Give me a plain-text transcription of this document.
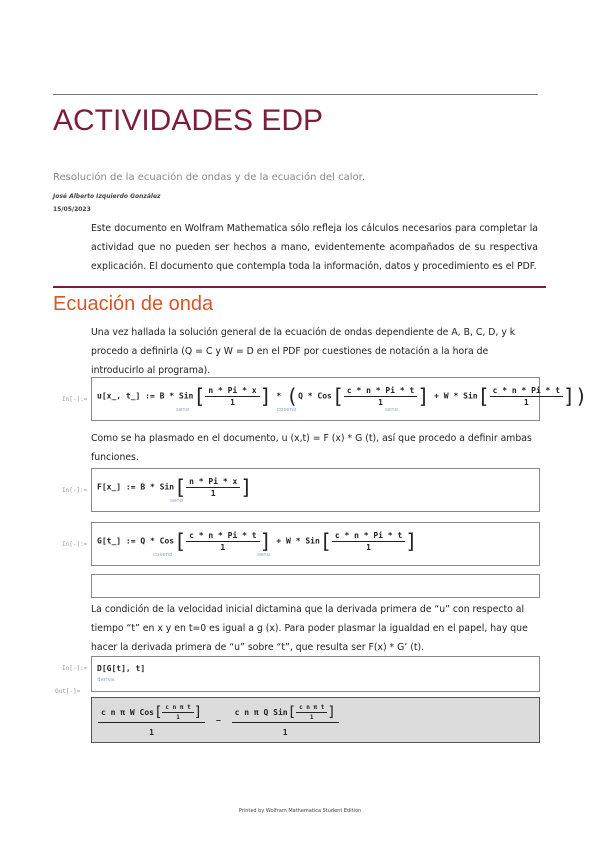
ACTIVIDADES EDP
Resolución de la ecuación de ondas y de la ecuación del calor.
José Alberto Izquierdo González
15/05/2023
Este documento en Wolfram Mathematica sólo refleja los cálculos necesarios para completar la actividad que no pueden ser hechos a mano, evidentemente acompañados de su respectiva explicación. El documento que contempla toda la información, datos y procedimiento es el PDF.
Ecuación de onda
Una vez hallada la solución general de la ecuación de ondas dependiente de A, B, C, D, y k procedo a definirla (Q = C y W = D en el PDF por cuestiones de notación a la hora de introducirlo al programa).
In[-]:= u[x_, t_] := B * $Sin[ \frac{n * Pi * x}{1}$ ] * ($Q * Cos[ \frac{c * n * Pi * t}{1}$ ] + W * $Sin[ \frac{c * n * Pi * t}{1}$ ])
seno	coseno	seno
Como se ha plasmado en el documento, u (x,t) = F (x) * G (t), así que procedo a definir ambas funciones.
In[-]:= F[x_] := B * $Sin[ \frac{n * Pi * x}{1}$ ]
seno
In[-]:= G[t_] := Q * $Cos[ \frac{c * n * Pi * t}{1}$ ] + W * $Sin[ \frac{c * n * Pi * t}{1}$ ]
coseno	seno
La condición de la velocidad inicial dictamina que la derivada primera de “u” con respecto al tiempo “t” en x y en t=0 es igual a g (x). Para poder plasmar la igualdad en el papel, hay que hacer la derivada primera de “u” sobre “t”, que resulta ser F(x) * G’ (t).
In[-]:= D[G[t], t]
deriva
Out[-]=
$\frac{c n \pi W Cos[ \frac{\text{c n π t}}{1} ]}{1} - \frac{c n \pi Q Sin[ \frac{\text{c n π t}}{1} ]}{1}$
Printed by Wolfram Mathematica Student Edition
